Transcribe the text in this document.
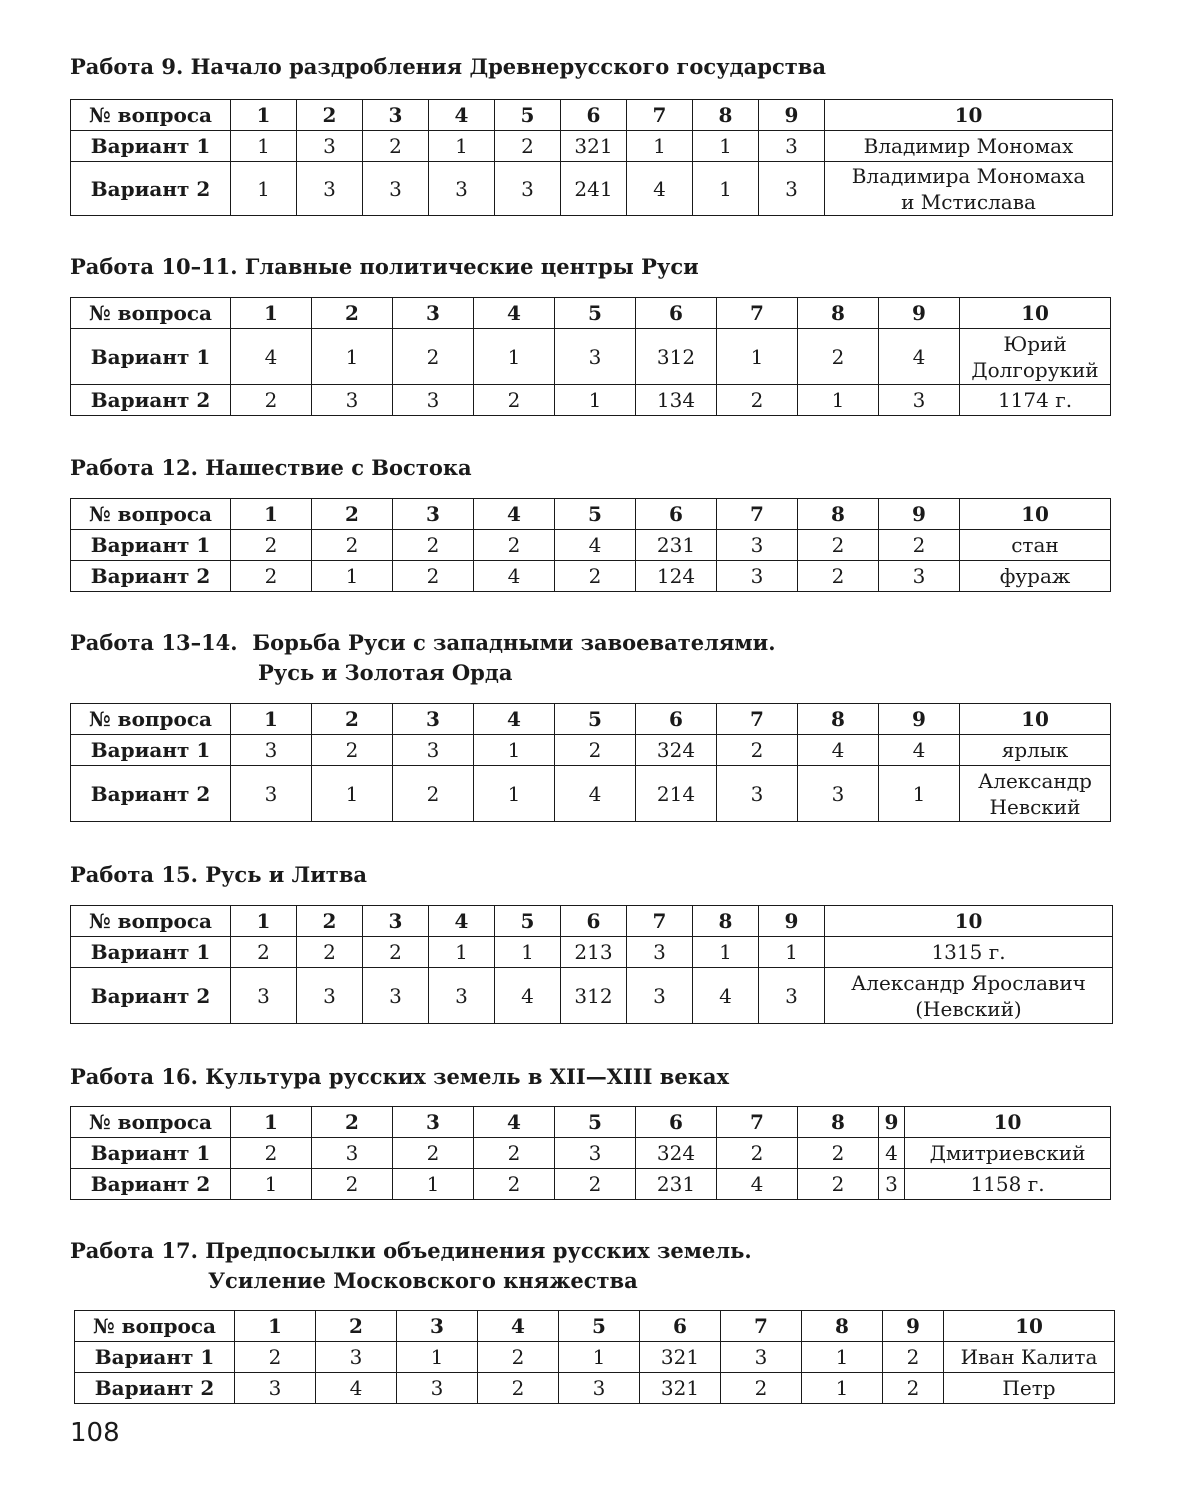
Работа 9. Начало раздробления Древнерусского государства

№ вопроса	1	2	3	4	5	6	7	8	9	10
Вариант 1	1	3	2	1	2	321	1	1	3	Владимир Мономах
Вариант 2	1	3	3	3	3	241	4	1	3	Владимира Мономаха
и Мстислава

Работа 10–11. Главные политические центры Руси

№ вопроса	1	2	3	4	5	6	7	8	9	10
Вариант 1	4	1	2	1	3	312	1	2	4	Юрий
Долгорукий
Вариант 2	2	3	3	2	1	134	2	1	3	1174 г.

Работа 12. Нашествие с Востока

№ вопроса	1	2	3	4	5	6	7	8	9	10
Вариант 1	2	2	2	2	4	231	3	2	2	стан
Вариант 2	2	1	2	4	2	124	3	2	3	фураж

Работа 13–14.  Борьба Руси с западными завоевателями.

Русь и Золотая Орда

№ вопроса	1	2	3	4	5	6	7	8	9	10
Вариант 1	3	2	3	1	2	324	2	4	4	ярлык
Вариант 2	3	1	2	1	4	214	3	3	1	Александр
Невский

Работа 15. Русь и Литва

№ вопроса	1	2	3	4	5	6	7	8	9	10
Вариант 1	2	2	2	1	1	213	3	1	1	1315 г.
Вариант 2	3	3	3	3	4	312	3	4	3	Александр Ярославич
(Невский)

Работа 16. Культура русских земель в XII—XIII веках

№ вопроса	1	2	3	4	5	6	7	8	9	10
Вариант 1	2	3	2	2	3	324	2	2	4	Дмитриевский
Вариант 2	1	2	1	2	2	231	4	2	3	1158 г.

Работа 17. Предпосылки объединения русских земель.

Усиление Московского княжества

№ вопроса	1	2	3	4	5	6	7	8	9	10
Вариант 1	2	3	1	2	1	321	3	1	2	Иван Калита
Вариант 2	3	4	3	2	3	321	2	1	2	Петр
108
